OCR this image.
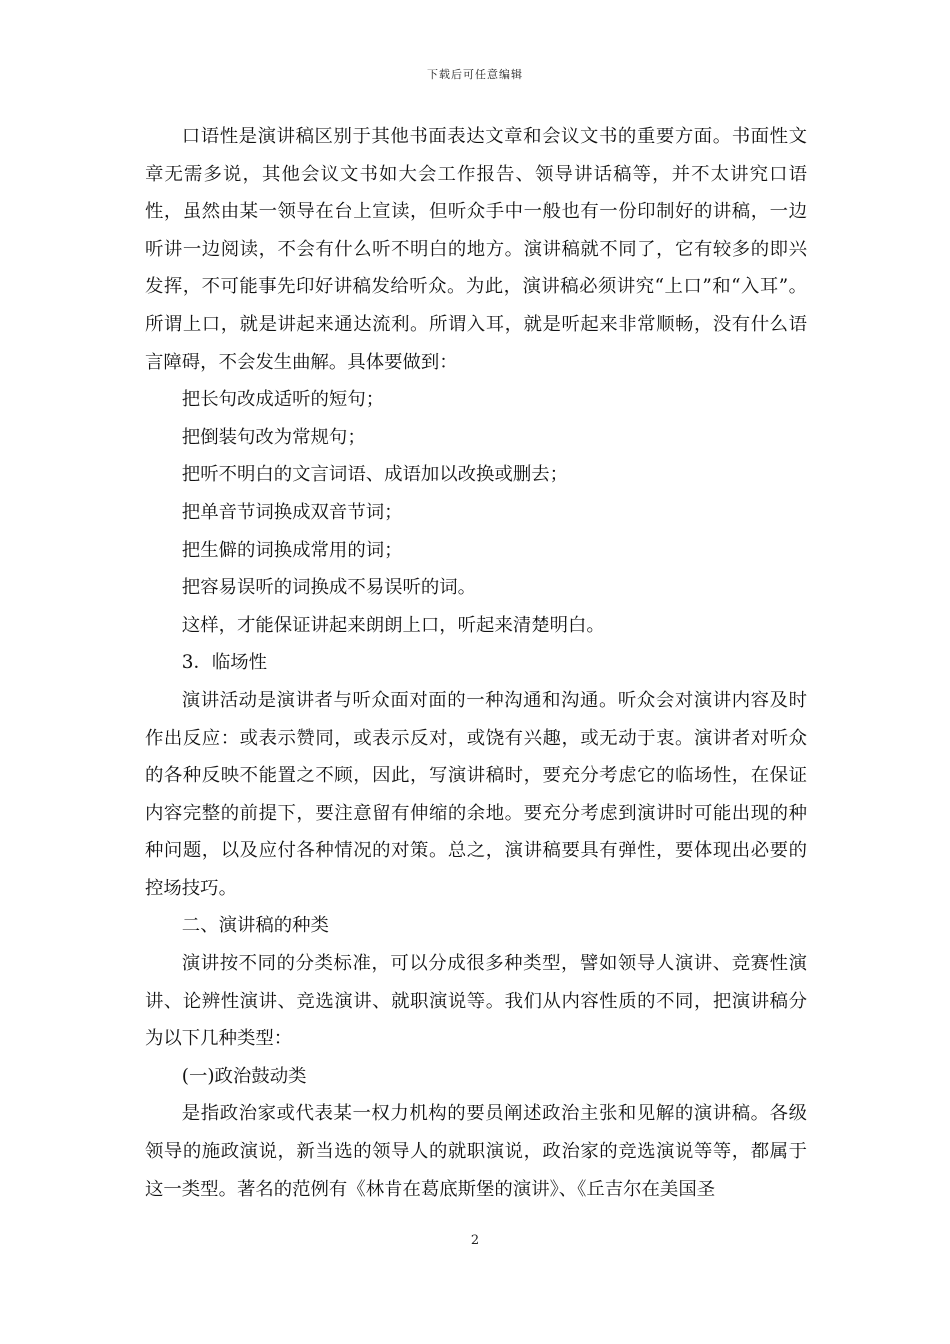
下载后可任意编辑

口语性是演讲稿区别于其他书面表达文章和会议文书的重要方面。书面性文章无需多说，其他会议文书如大会工作报告、领导讲话稿等，并不太讲究口语性，虽然由某一领导在台上宣读，但听众手中一般也有一份印制好的讲稿，一边听讲一边阅读，不会有什么听不明白的地方。演讲稿就不同了，它有较多的即兴发挥，不可能事先印好讲稿发给听众。为此，演讲稿必须讲究“上口”和“入耳”。所谓上口，就是讲起来通达流利。所谓入耳，就是听起来非常顺畅，没有什么语言障碍，不会发生曲解。具体要做到：

把长句改成适听的短句；

把倒装句改为常规句；

把听不明白的文言词语、成语加以改换或删去；

把单音节词换成双音节词；

把生僻的词换成常用的词；

把容易误听的词换成不易误听的词。

这样，才能保证讲起来朗朗上口，听起来清楚明白。

3．临场性

演讲活动是演讲者与听众面对面的一种沟通和沟通。听众会对演讲内容及时作出反应：或表示赞同，或表示反对，或饶有兴趣，或无动于衷。演讲者对听众的各种反映不能置之不顾，因此，写演讲稿时，要充分考虑它的临场性，在保证内容完整的前提下，要注意留有伸缩的余地。要充分考虑到演讲时可能出现的种种问题，以及应付各种情况的对策。总之，演讲稿要具有弹性，要体现出必要的控场技巧。

二、演讲稿的种类

演讲按不同的分类标准，可以分成很多种类型，譬如领导人演讲、竞赛性演讲、论辨性演讲、竞选演讲、就职演说等。我们从内容性质的不同，把演讲稿分为以下几种类型：

(一)政治鼓动类

是指政治家或代表某一权力机构的要员阐述政治主张和见解的演讲稿。各级领导的施政演说，新当选的领导人的就职演说，政治家的竞选演说等等，都属于这一类型。著名的范例有《林肯在葛底斯堡的演讲》、《丘吉尔在美国圣

2
